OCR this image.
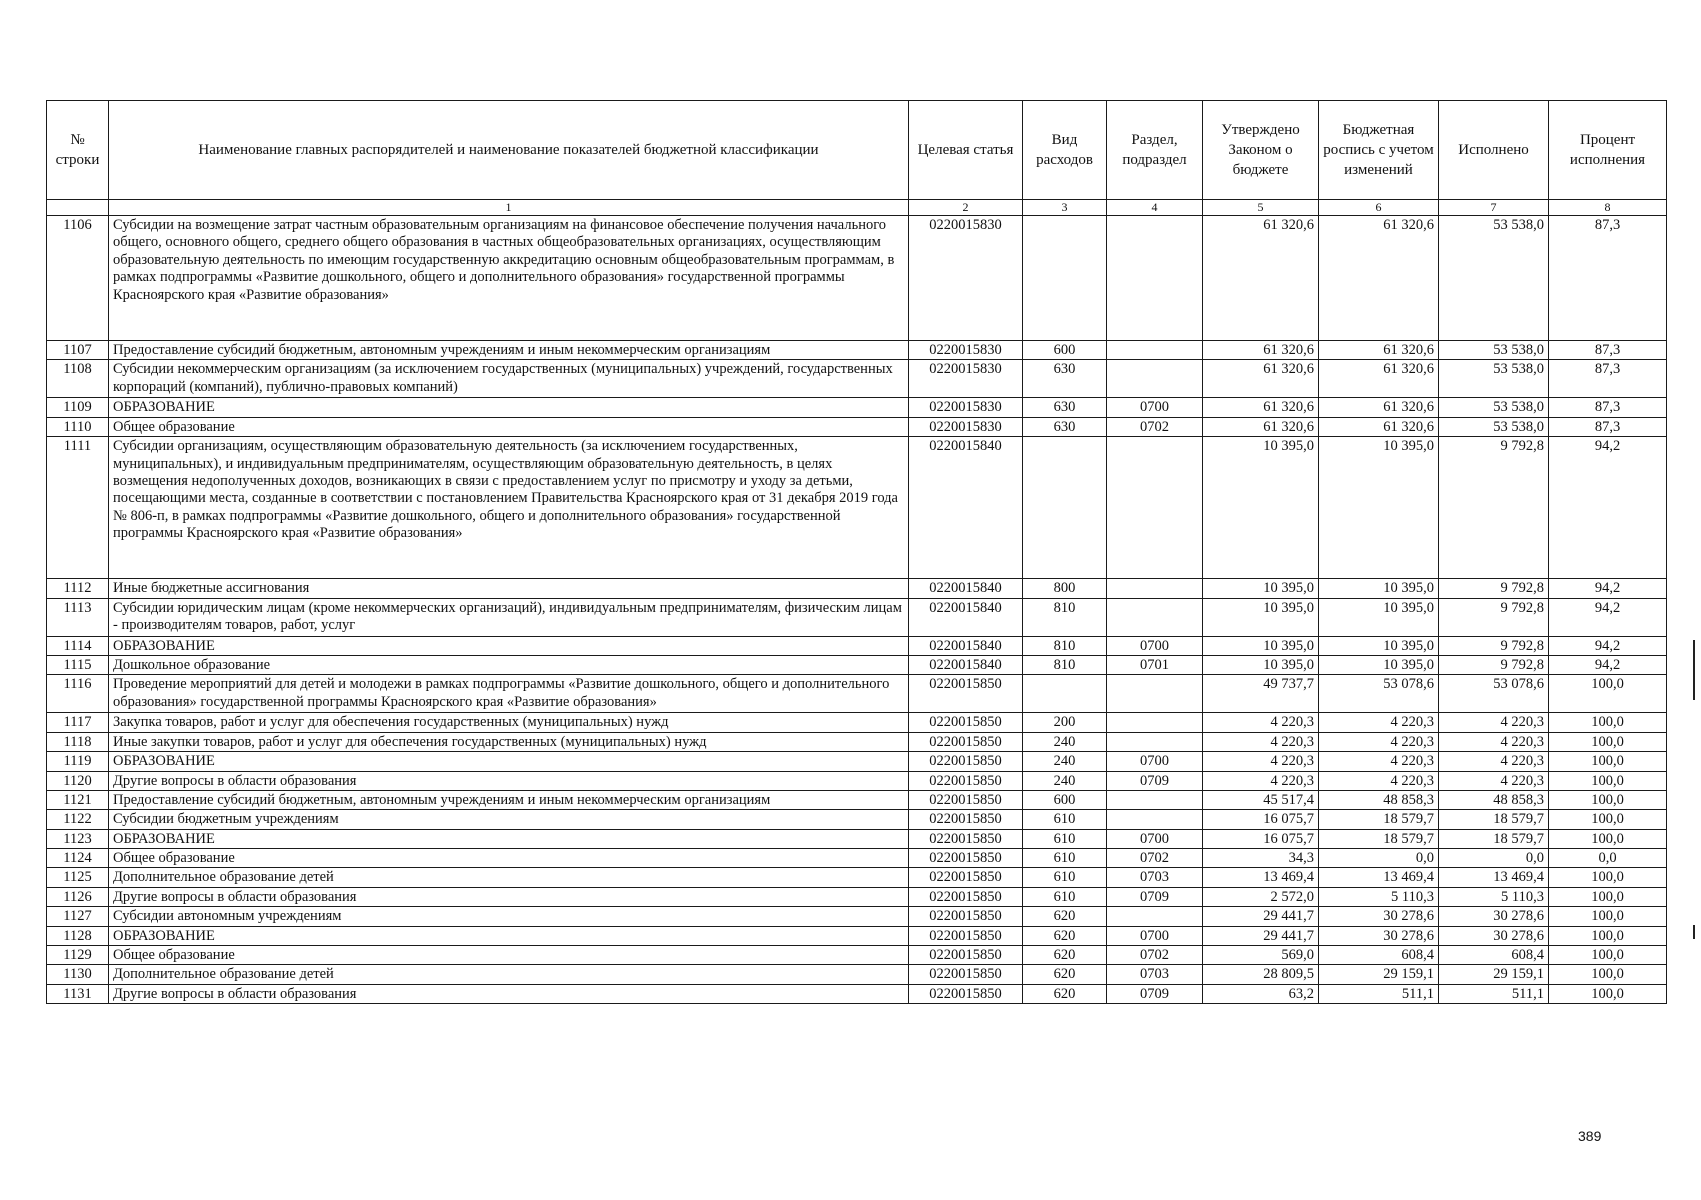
№ строки	Наименование главных распорядителей и наименование показателей бюджетной классификации	Целевая статья	Вид расходов	Раздел, подраздел	Утверждено Законом о бюджете	Бюджетная роспись с учетом изменений	Исполнено	Процент исполнения
	1	2	3	4	5	6	7	8
1106	Субсидии на возмещение затрат частным образовательным организациям на финансовое обеспечение получения начального общего, основного общего, среднего общего образования в частных общеобразовательных организациях, осуществляющим образовательную деятельность по имеющим государственную аккредитацию основным общеобразовательным программам, в рамках подпрограммы «Развитие дошкольного, общего и дополнительного образования» государственной программы Красноярского края «Развитие образования»	0220015830			61 320,6	61 320,6	53 538,0	87,3
1107	Предоставление субсидий бюджетным, автономным учреждениям и иным некоммерческим организациям	0220015830	600		61 320,6	61 320,6	53 538,0	87,3
1108	Субсидии некоммерческим организациям (за исключением государственных (муниципальных) учреждений, государственных корпораций (компаний), публично-правовых компаний)	0220015830	630		61 320,6	61 320,6	53 538,0	87,3
1109	ОБРАЗОВАНИЕ	0220015830	630	0700	61 320,6	61 320,6	53 538,0	87,3
1110	Общее образование	0220015830	630	0702	61 320,6	61 320,6	53 538,0	87,3
1111	Субсидии организациям, осуществляющим образовательную деятельность (за исключением государственных, муниципальных), и индивидуальным предпринимателям, осуществляющим образовательную деятельность, в целях возмещения недополученных доходов, возникающих в связи с предоставлением услуг по присмотру и уходу за детьми, посещающими места, созданные в соответствии с постановлением Правительства Красноярского края от 31 декабря 2019 года № 806-п, в рамках подпрограммы «Развитие дошкольного, общего и дополнительного образования» государственной программы Красноярского края «Развитие образования»	0220015840			10 395,0	10 395,0	9 792,8	94,2
1112	Иные бюджетные ассигнования	0220015840	800		10 395,0	10 395,0	9 792,8	94,2
1113	Субсидии юридическим лицам (кроме некоммерческих организаций), индивидуальным предпринимателям, физическим лицам - производителям товаров, работ, услуг	0220015840	810		10 395,0	10 395,0	9 792,8	94,2
1114	ОБРАЗОВАНИЕ	0220015840	810	0700	10 395,0	10 395,0	9 792,8	94,2
1115	Дошкольное образование	0220015840	810	0701	10 395,0	10 395,0	9 792,8	94,2
1116	Проведение мероприятий для детей и молодежи в рамках подпрограммы «Развитие дошкольного, общего и дополнительного образования» государственной программы Красноярского края «Развитие образования»	0220015850			49 737,7	53 078,6	53 078,6	100,0
1117	Закупка товаров, работ и услуг для обеспечения государственных (муниципальных) нужд	0220015850	200		4 220,3	4 220,3	4 220,3	100,0
1118	Иные закупки товаров, работ и услуг для обеспечения государственных (муниципальных) нужд	0220015850	240		4 220,3	4 220,3	4 220,3	100,0
1119	ОБРАЗОВАНИЕ	0220015850	240	0700	4 220,3	4 220,3	4 220,3	100,0
1120	Другие вопросы в области образования	0220015850	240	0709	4 220,3	4 220,3	4 220,3	100,0
1121	Предоставление субсидий бюджетным, автономным учреждениям и иным некоммерческим организациям	0220015850	600		45 517,4	48 858,3	48 858,3	100,0
1122	Субсидии бюджетным учреждениям	0220015850	610		16 075,7	18 579,7	18 579,7	100,0
1123	ОБРАЗОВАНИЕ	0220015850	610	0700	16 075,7	18 579,7	18 579,7	100,0
1124	Общее образование	0220015850	610	0702	34,3	0,0	0,0	0,0
1125	Дополнительное образование детей	0220015850	610	0703	13 469,4	13 469,4	13 469,4	100,0
1126	Другие вопросы в области образования	0220015850	610	0709	2 572,0	5 110,3	5 110,3	100,0
1127	Субсидии автономным учреждениям	0220015850	620		29 441,7	30 278,6	30 278,6	100,0
1128	ОБРАЗОВАНИЕ	0220015850	620	0700	29 441,7	30 278,6	30 278,6	100,0
1129	Общее образование	0220015850	620	0702	569,0	608,4	608,4	100,0
1130	Дополнительное образование детей	0220015850	620	0703	28 809,5	29 159,1	29 159,1	100,0
1131	Другие вопросы в области образования	0220015850	620	0709	63,2	511,1	511,1	100,0
389
